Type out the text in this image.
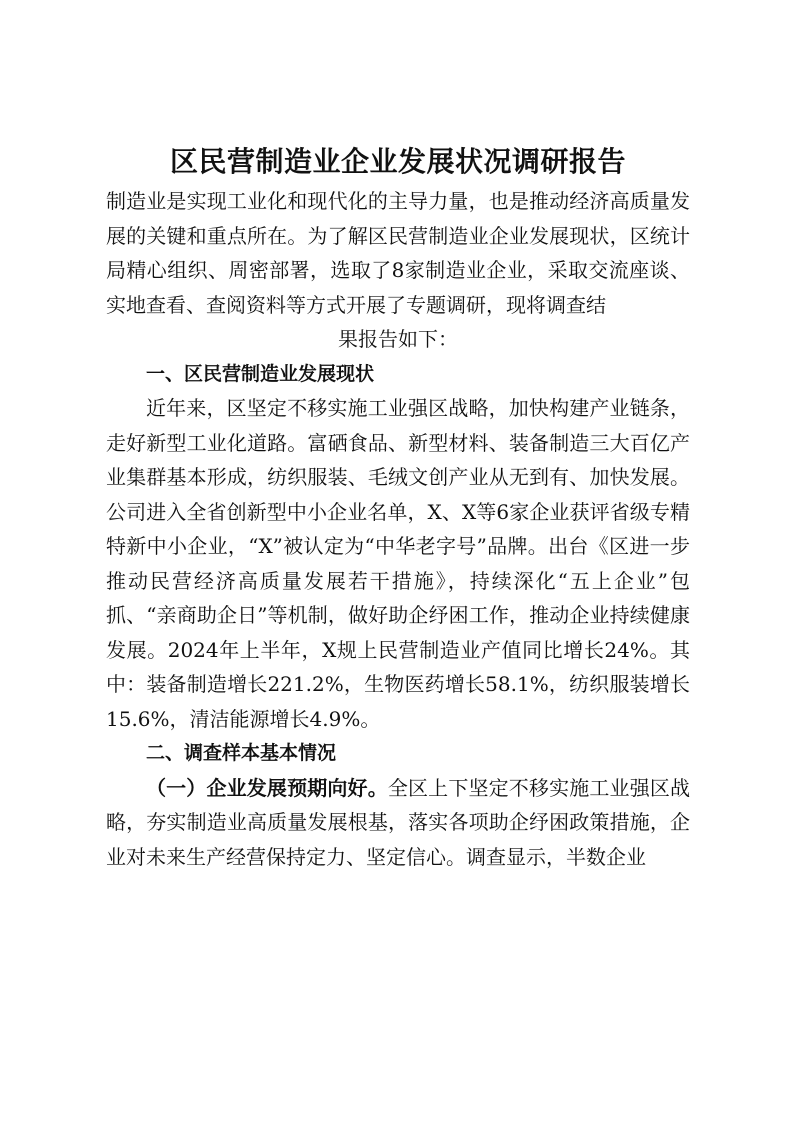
区民营制造业企业发展状况调研报告

制造业是实现工业化和现代化的主导力量，也是推动经济高质量发展的关键和重点所在。为了解区民营制造业企业发展现状，区统计局精心组织、周密部署，选取了8家制造业企业，采取交流座谈、实地查看、查阅资料等方式开展了专题调研，现将调查结

果报告如下：

一、区民营制造业发展现状

近年来，区坚定不移实施工业强区战略，加快构建产业链条，走好新型工业化道路。富硒食品、新型材料、装备制造三大百亿产业集群基本形成，纺织服装、毛绒文创产业从无到有、加快发展。公司进入全省创新型中小企业名单，X、X等6家企业获评省级专精特新中小企业，“X”被认定为“中华老字号”品牌。出台《区进一步推动民营经济高质量发展若干措施》，持续深化“五上企业”包抓、“亲商助企日”等机制，做好助企纾困工作，推动企业持续健康发展。2024年上半年，X规上民营制造业产值同比增长24%。其中：装备制造增长221.2%，生物医药增长58.1%，纺织服装增长15.6%，清洁能源增长4.9%。

二、调查样本基本情况

（一）企业发展预期向好。全区上下坚定不移实施工业强区战略，夯实制造业高质量发展根基，落实各项助企纾困政策措施，企业对未来生产经营保持定力、坚定信心。调查显示，半数企业
